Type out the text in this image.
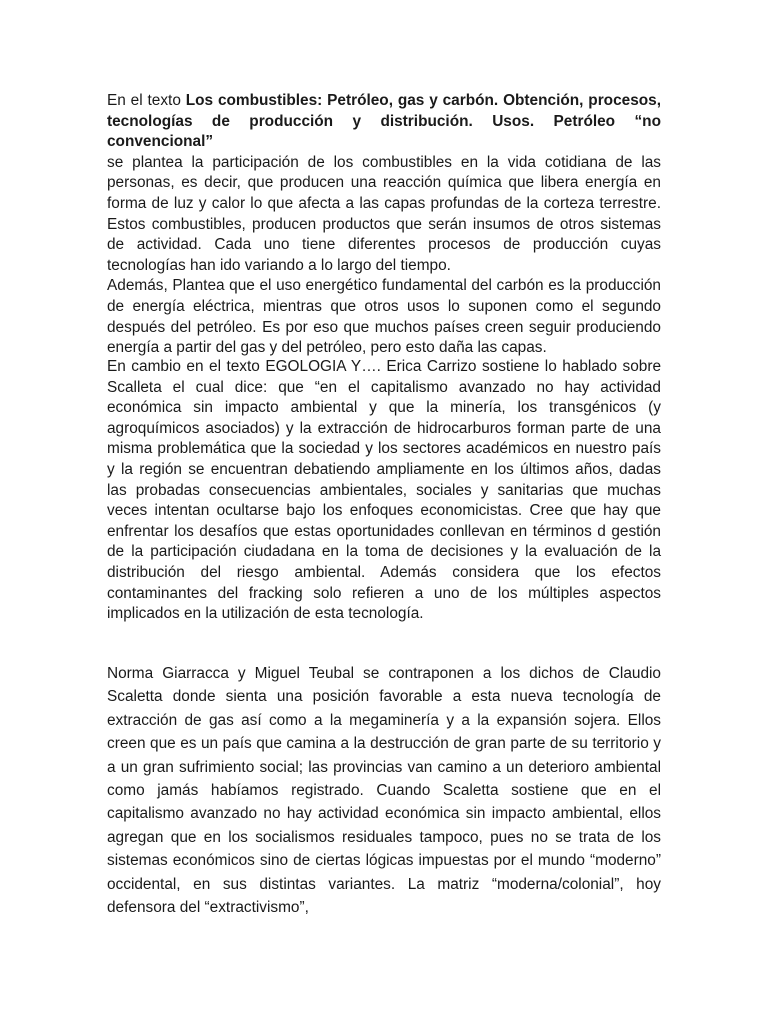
En el texto Los combustibles: Petróleo, gas y carbón. Obtención, procesos, tecnologías de producción y distribución. Usos. Petróleo “no convencional”
se plantea la participación de los combustibles en la vida cotidiana de las personas, es decir, que producen una reacción química que libera energía en forma de luz y calor lo que afecta a las capas profundas de la corteza terrestre. Estos combustibles, producen productos que serán insumos de otros sistemas de actividad. Cada uno tiene diferentes procesos de producción cuyas tecnologías han ido variando a lo largo del tiempo.
Además, Plantea que el uso energético fundamental del carbón es la producción de energía eléctrica, mientras que otros usos lo suponen como el segundo después del petróleo. Es por eso que muchos países creen seguir produciendo energía a partir del gas y del petróleo, pero esto daña las capas.

En cambio en el texto EGOLOGIA Y…. Erica Carrizo sostiene lo hablado sobre Scalleta el cual dice: que “en el capitalismo avanzado no hay actividad económica sin impacto ambiental y que la minería, los transgénicos (y agroquímicos asociados) y la extracción de hidrocarburos forman parte de una misma problemática que la sociedad y los sectores académicos en nuestro país y la región se encuentran debatiendo ampliamente en los últimos años, dadas las probadas consecuencias ambientales, sociales y sanitarias que muchas veces intentan ocultarse bajo los enfoques economicistas. Cree que hay que enfrentar los desafíos que estas oportunidades conllevan en términos d gestión de la participación ciudadana en la toma de decisiones y la evaluación de la distribución del riesgo ambiental. Además considera que los efectos contaminantes del fracking solo refieren a uno de los múltiples aspectos implicados en la utilización de esta tecnología.

Norma Giarracca y Miguel Teubal se contraponen a los dichos de Claudio Scaletta donde sienta una posición favorable a esta nueva tecnología de extracción de gas así como a la megaminería y a la expansión sojera. Ellos creen que es un país que camina a la destrucción de gran parte de su territorio y a un gran sufrimiento social; las provincias van camino a un deterioro ambiental como jamás habíamos registrado. Cuando Scaletta sostiene que en el capitalismo avanzado no hay actividad económica sin impacto ambiental, ellos agregan que en los socialismos residuales tampoco, pues no se trata de los sistemas económicos sino de ciertas lógicas impuestas por el mundo “moderno” occidental, en sus distintas variantes. La matriz “moderna/colonial”, hoy defensora del “extractivismo”,
